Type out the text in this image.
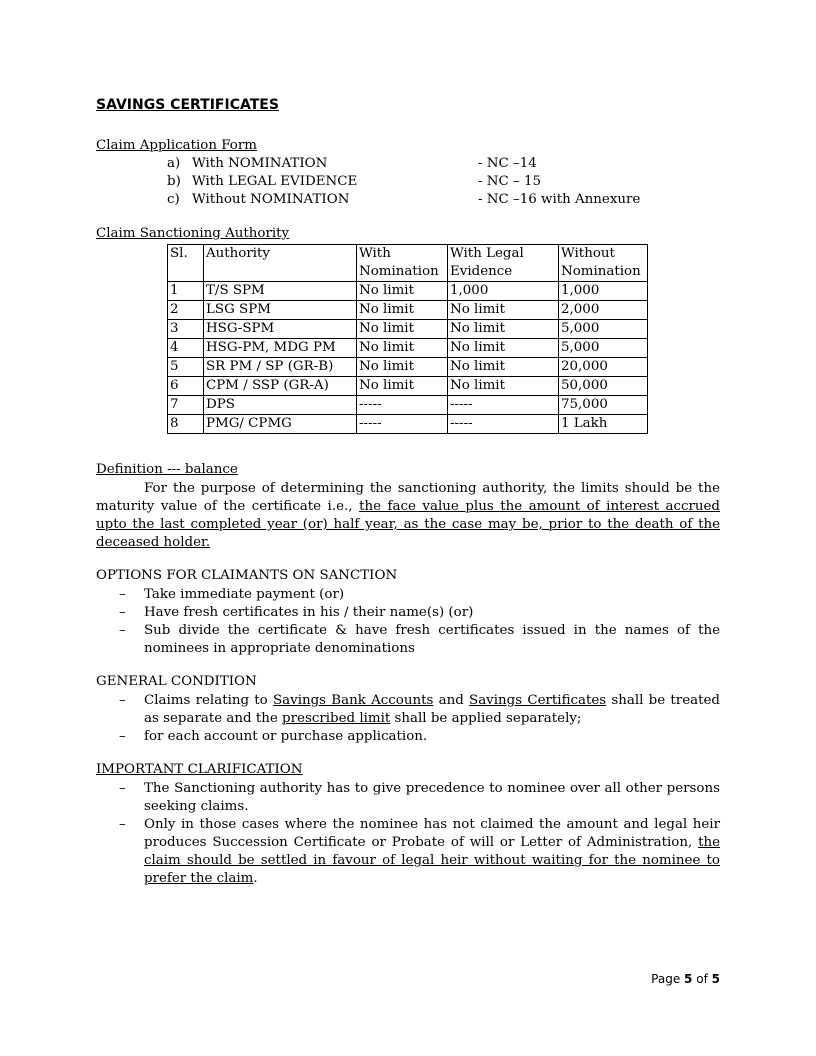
SAVINGS CERTIFICATES
Claim Application Form
a) With NOMINATION	- NC –14
b) With LEGAL EVIDENCE	- NC – 15
c) Without NOMINATION	- NC –16 with Annexure
Claim Sanctioning Authority
Sl.	Authority	With Nomination	With Legal Evidence	Without Nomination
1	T/S SPM	No limit	1,000	1,000
2	LSG SPM	No limit	No limit	2,000
3	HSG-SPM	No limit	No limit	5,000
4	HSG-PM, MDG PM	No limit	No limit	5,000
5	SR PM / SP (GR-B)	No limit	No limit	20,000
6	CPM / SSP (GR-A)	No limit	No limit	50,000
7	DPS	-----	-----	75,000
8	PMG/ CPMG	-----	-----	1 Lakh
Definition --- balance
For the purpose of determining the sanctioning authority, the limits should be the maturity value of the certificate i.e., the face value plus the amount of interest accrued upto the last completed year (or) half year, as the case may be, prior to the death of the deceased holder.
OPTIONS FOR CLAIMANTS ON SANCTION
– Take immediate payment (or)
– Have fresh certificates in his / their name(s) (or)
– Sub divide the certificate & have fresh certificates issued in the names of the nominees in appropriate denominations
GENERAL CONDITION
– Claims relating to Savings Bank Accounts and Savings Certificates shall be treated as separate and the prescribed limit shall be applied separately;
– for each account or purchase application.
IMPORTANT CLARIFICATION
– The Sanctioning authority has to give precedence to nominee over all other persons seeking claims.
– Only in those cases where the nominee has not claimed the amount and legal heir produces Succession Certificate or Probate of will or Letter of Administration, the claim should be settled in favour of legal heir without waiting for the nominee to prefer the claim.
Page 5 of 5
